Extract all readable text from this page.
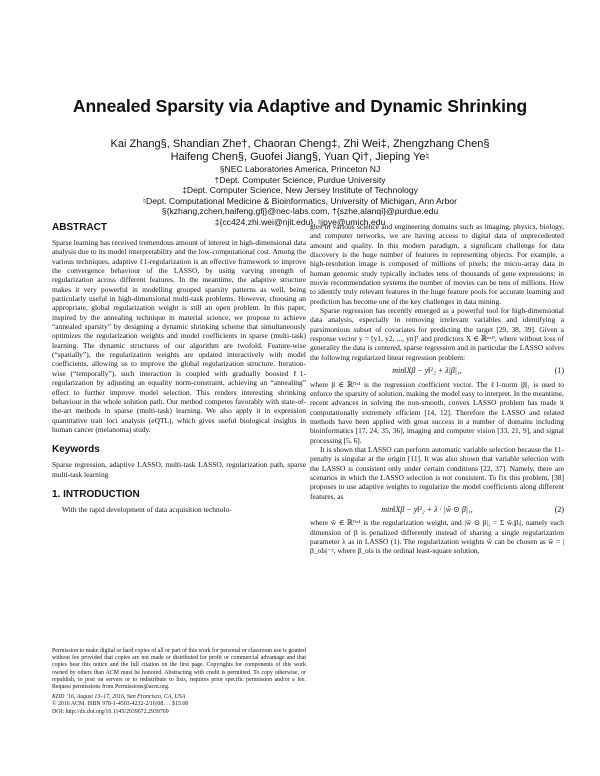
Annealed Sparsity via Adaptive and Dynamic Shrinking
Kai Zhang§, Shandian Zhe†, Chaoran Cheng‡, Zhi Wei‡, Zhengzhang Chen§
Haifeng Chen§, Guofei Jiang§, Yuan Qi†, Jieping Ye♮
§NEC Laboratories America, Princeton NJ
†Dept. Computer Science, Purdue University
‡Dept. Computer Science, New Jersey Institute of Technology
♮Dept. Computational Medicine & Bioinformatics, University of Michigan, Ann Arbor
§{kzhang,zchen,haifeng,gfj}@nec-labs.com, †{szhe,alanqi}@purdue.edu
‡{cc424,zhi.wei@njit.edu}, ♮jpye@umich.edu
ABSTRACT

Sparse learning has received tremendous amount of interest in high-dimensional data analysis due to its model interpretability and the low-computational cost. Among the various techniques, adaptive ℓ1-regularization is an effective framework to improve the convergence behaviour of the LASSO, by using varying strength of regularization across different features. In the meantime, the adaptive structure makes it very powerful in modelling grouped sparsity patterns as well, being particularly useful in high-dimensional multi-task problems. However, choosing an appropriate, global regularization weight is still an open problem. In this paper, inspired by the annealing technique in material science, we propose to achieve “annealed sparsity” by designing a dynamic shrinking scheme that simultaneously optimizes the regularization weights and model coefficients in sparse (multi-task) learning. The dynamic structures of our algorithm are twofold. Feature-wise (“spatially”), the regularization weights are updated interactively with model coefficients, allowing us to improve the global regularization structure. Iteration-wise (“temporally”), such interaction is coupled with gradually boosted ℓ1-regularization by adjusting an equality norm-constraint, achieving an “annealing” effect to further improve model selection. This renders interesting shrinking behaviour in the whole solution path. Our method competes favorably with state-of-the-art methods in sparse (multi-task) learning. We also apply it in expression quantitative trait loci analysis (eQTL), which gives useful biological insights in human cancer (melanoma) study.

Keywords

Sparse regression, adaptive LASSO, multi-task LASSO, regularization path, sparse multi-task learning

1. INTRODUCTION

With the rapid development of data acquisition technolo-

Permission to make digital or hard copies of all or part of this work for personal or classroom use is granted without fee provided that copies are not made or distributed for profit or commercial advantage and that copies bear this notice and the full citation on the first page. Copyrights for components of this work owned by others than ACM must be honored. Abstracting with credit is permitted. To copy otherwise, or republish, to post on servers or to redistribute to lists, requires prior specific permission and/or a fee. Request permissions from Permissions@acm.org.

KDD ’16, August 13–17, 2016, San Francisco, CA, USA

© 2016 ACM. ISBN 978-1-4503-4232-2/16/08. . . $15.00

DOI: http://dx.doi.org/10.1145/2939672.2939769

gies in various science and engineering domains such as imaging, physics, biology, and computer networks, we are having access to digital data of unprecedented amount and quality. In this modern paradigm, a significant challenge for data discovery is the huge number of features in representing objects. For example, a high-resolution image is composed of millions of pixels; the micro-array data in human genomic study typically includes tens of thousands of gene expressions; in movie recommendation systems the number of movies can be tens of millions. How to identify truly relevant features in the huge feature pools for accurate learning and prediction has become one of the key challenges in data mining.

Sparse regression has recently emerged as a powerful tool for high-dimensional data analysis, especially in removing irrelevant variables and identifying a parsimonious subset of covariates for predicting the target [29, 38, 39]. Given a response vector y = [y1, y2, ..., yn]ᵀ and predictors X ∈ ℝⁿˣᴰ, where without loss of generality the data is centered, sparse regression and in particular the LASSO solves the following regularized linear regression problem:

min‖Xβ − y‖²₂ + λ|β|₁,	(1)

where β ∈ ℝᴰˣ¹ is the regression coefficient vector. The ℓ1-norm |β|₁ is used to enforce the sparsity of solution, making the model easy to interpret. In the meantime, recent advances in solving the non-smooth, convex LASSO problem has made it computationally extremely efficient [14, 12]. Therefore the LASSO and related methods have been applied with great success in a number of domains including bioinformatics [17, 24, 35, 36], imaging and computer vision [33, 21, 9], and signal processing [5, 6].

It is shown that LASSO can perform automatic variable selection because the ℓ1-penalty is singular at the origin [11]. It was also shown that variable selection with the LASSO is consistent only under certain conditions [22, 37]. Namely, there are scenarios in which the LASSO selection is not consistent. To fix this problem, [38] proposes to use adaptive weights to regularize the model coefficients along different features, as

min‖Xβ − y‖²₂ + λ · |ŵ ⊙ β|₁,	(2)

where ŵ ∈ ℝᴰˣ¹ is the regularization weight, and |ŵ ⊙ β|₁ = Σ ŵᵢ|βᵢ|, namely each dimension of β is penalized differently instead of sharing a single regularization parameter λ as in LASSO (1). The regularization weights ŵ can be chosen as ŵ = |β_ols|⁻ʸ, where β_ols is the ordinal least-square solution,
